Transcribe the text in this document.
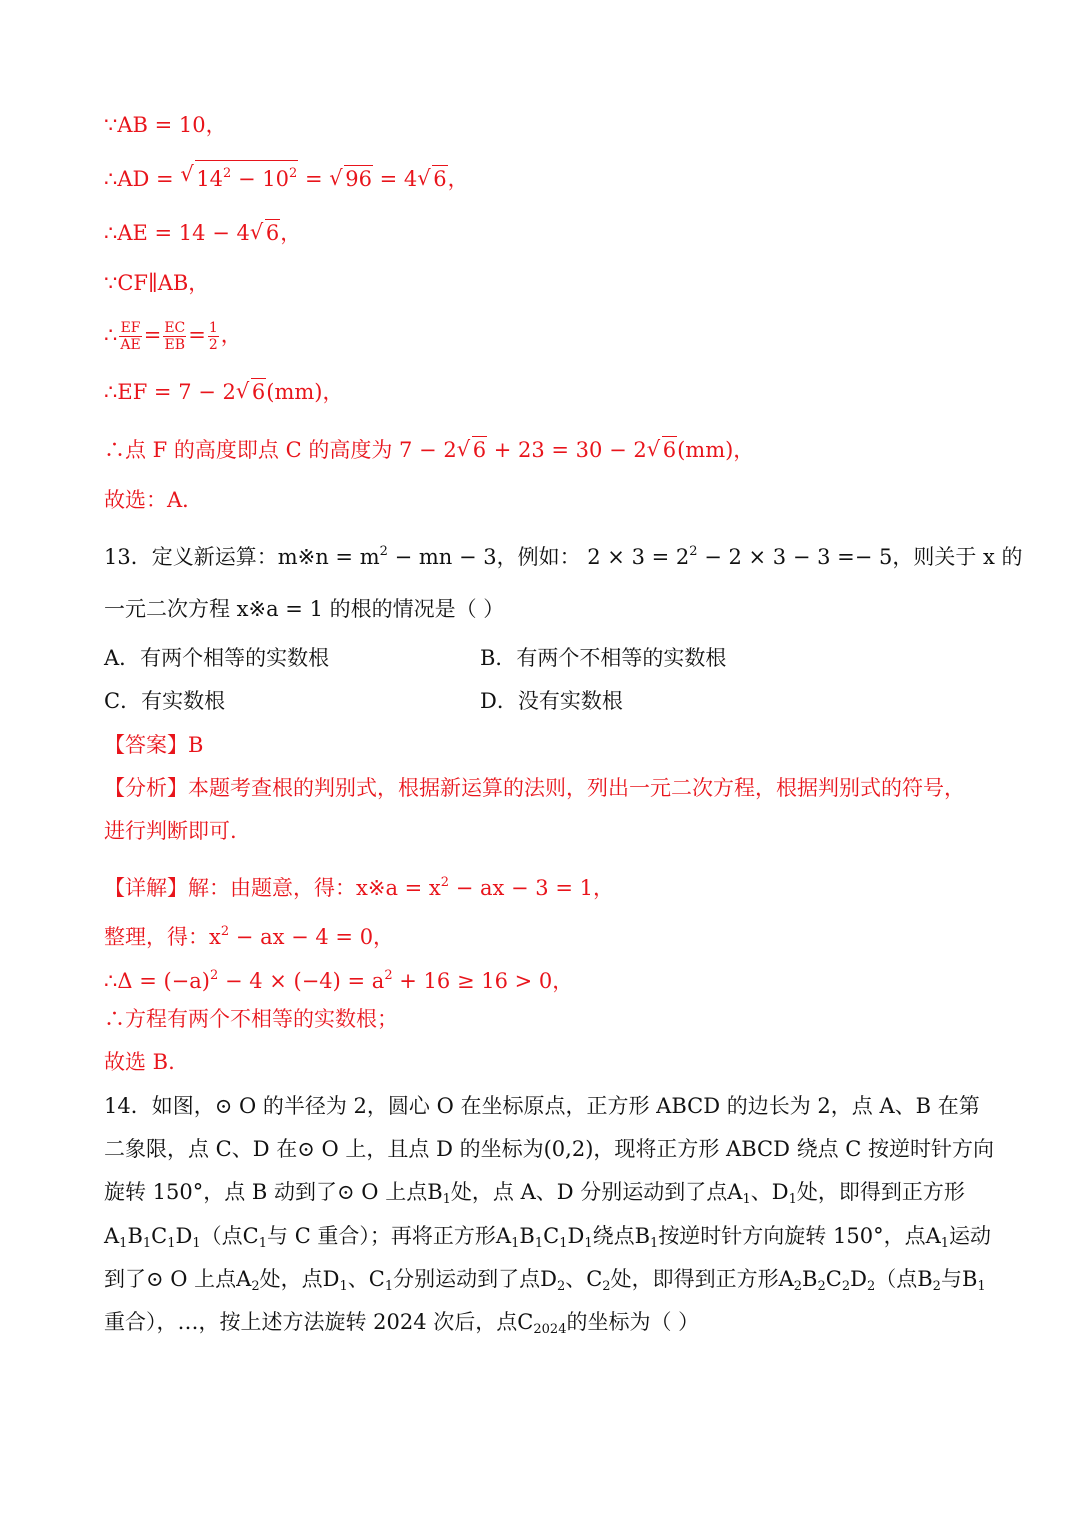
∵AB = 10，
∴AD = √ $14^2 - 10^2$ = √ 96 = 4 √ 6，
∴AE = 14 − 4 √ 6，
∵CF∥AB，
∴ $\frac{EF}{AE} = \frac{EC}{EB} = \frac{1}{2}$ ，
∴EF = 7 − 2 √ 6(mm)，
∴点 F 的高度即点 C 的高度为 7 − 2 √ 6 + 23 = 30 − 2 √ 6(mm)，
故选：A．
13．定义新运算：m※n = $m^2$ − mn − 3，例如： $2 \times 3 = 2^2 - 2 \times 3 - 3 =- 5$，则关于 x 的
一元二次方程 x※a = 1 的根的情况是（ ）
A．有两个相等的实数根	B．有两个不相等的实数根
C．有实数根	D．没有实数根
【答案】B
【分析】本题考查根的判别式，根据新运算的法则，列出一元二次方程，根据判别式的符号，
进行判断即可.
【详解】解：由题意，得：x※a = $x^2$ − ax − 3 = 1，
整理，得：$x^2$ − ax − 4 = 0，
∴Δ = $(-a)^2 - 4 \times (-4) = a^2 + 16 \ge 16 > 0$，
∴方程有两个不相等的实数根；
故选 B.
14．如图，⊙ O 的半径为 2，圆心 O 在坐标原点，正方形 ABCD 的边长为 2，点 A、B 在第
二象限，点 C、D 在⊙ O 上，且点 D 的坐标为(0,2)，现将正方形 ABCD 绕点 C 按逆时针方向
旋转 150°，点 B 动到了⊙ O 上点$B_1$处，点 A、D 分别运动到了点$A_1$、$D_1$处，即得到正方形
$A_1B_1C_1D_1$（点$C_1$与 C 重合）；再将正方形$A_1B_1C_1D_1$绕点$B_1$按逆时针方向旋转 150°，点$A_1$运动
到了⊙ O 上点$A_2$处，点$D_1$、$C_1$分别运动到了点$D_2$、$C_2$处，即得到正方形$A_2B_2C_2D_2$（点$B_2$与$B_1$
重合），…，按上述方法旋转 2024 次后，点$C_{2024}$的坐标为（ ）
